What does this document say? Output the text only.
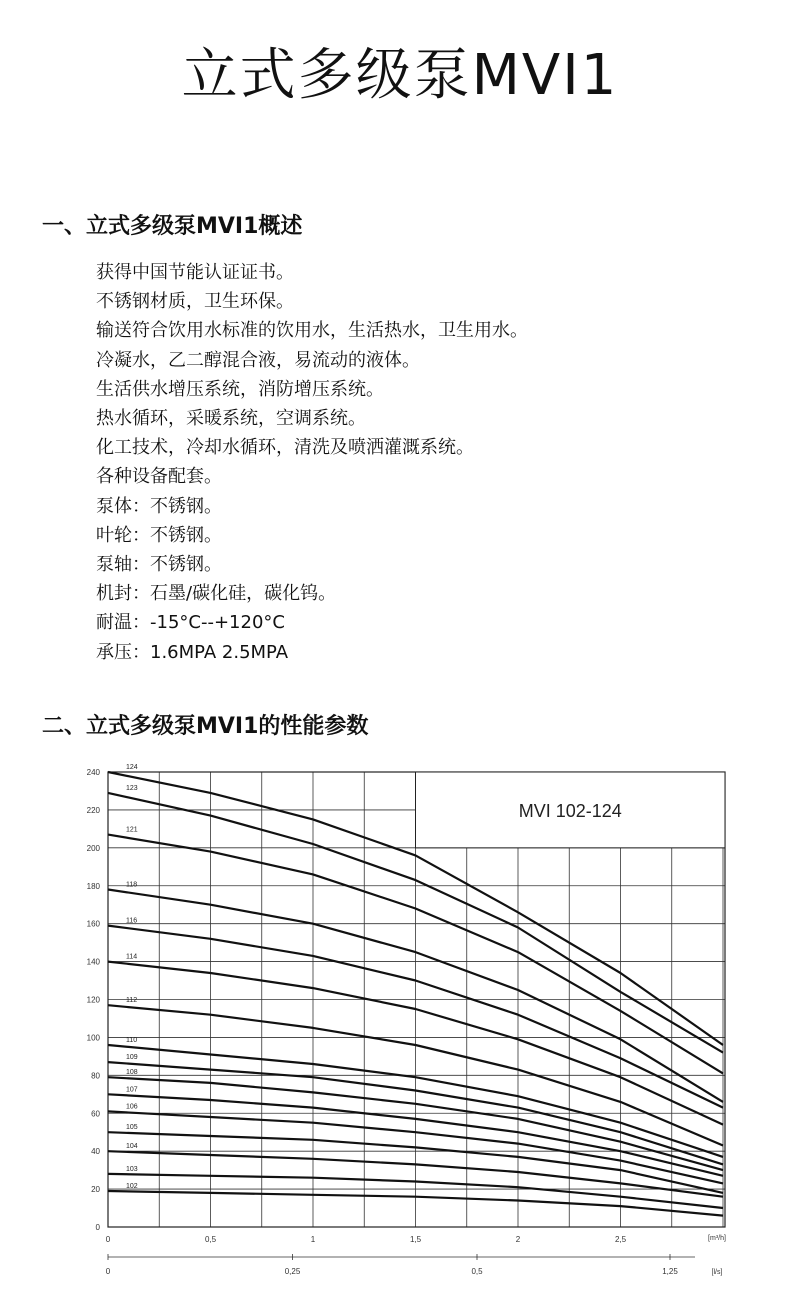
立式多级泵MVI1
一、立式多级泵MVI1概述
获得中国节能认证证书。
不锈钢材质，卫生环保。
输送符合饮用水标准的饮用水，生活热水，卫生用水。
冷凝水，乙二醇混合液，易流动的液体。
生活供水增压系统，消防增压系统。
热水循环，采暖系统，空调系统。
化工技术，冷却水循环，清洗及喷洒灌溉系统。
各种设备配套。
泵体：不锈钢。
叶轮：不锈钢。
泵轴：不锈钢。
机封：石墨/碳化硅，碳化钨。
耐温：-15°C--+120°C
承压：1.6MPA 2.5MPA
二、立式多级泵MVI1的性能参数
MVI 102-124
0
20
40
60
80
100
120
140
160
180
200
220
240
0	0,5	1	1,5	2	2,5	[m³/h]
0	0,25	0,5	1,25	[l/s]
124
123
121
118
116
114
112
110
109
108
107
106
105
104
103
102
